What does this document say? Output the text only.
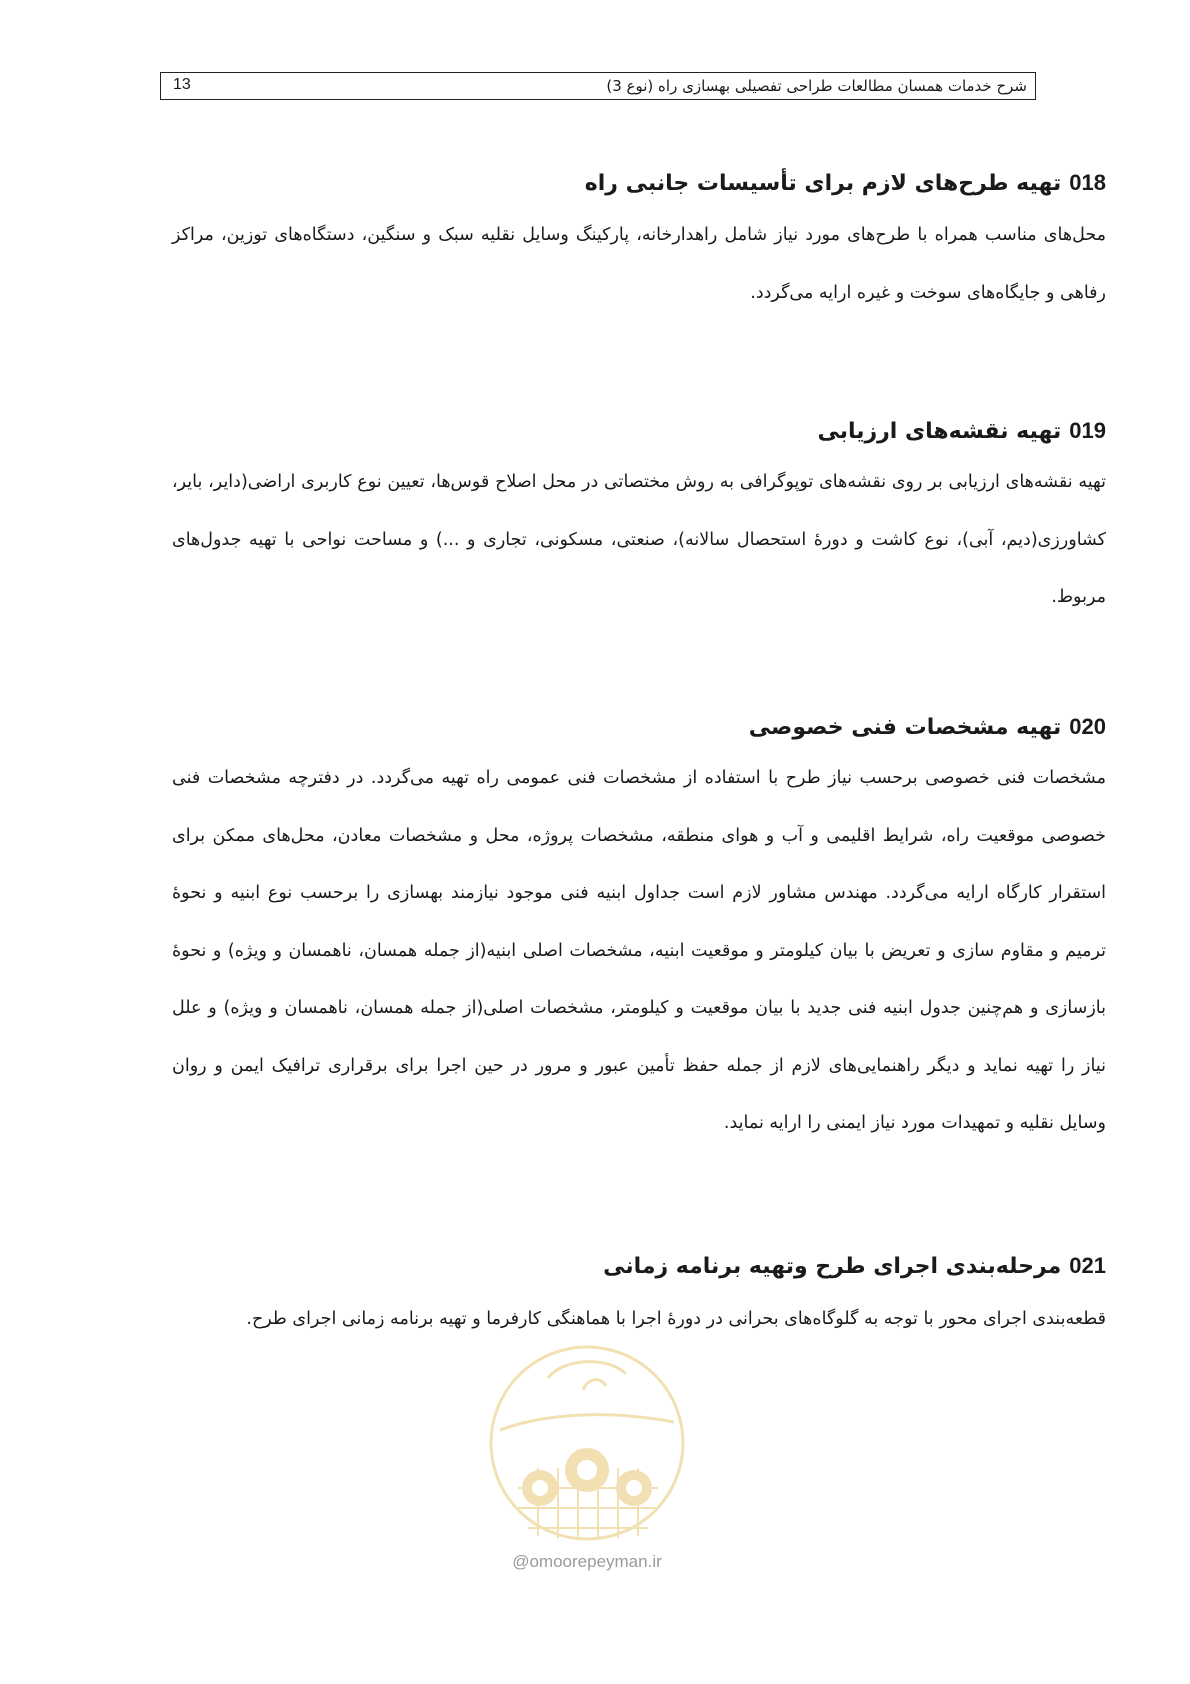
شرح خدمات همسان مطالعات طراحی تفصیلی بهسازی راه (نوع 3)
13
018تهیه طرح‌های لازم برای تأسیسات جانبی راه

محل‌های مناسب همراه با طرح‌های مورد نیاز شامل راهدارخانه، پارکینگ وسایل نقلیه سبک و سنگین، دستگاه‌های توزین، مراکز رفاهی و جایگاه‌های سوخت و غیره ارایه می‌گردد.

019تهیه نقشه‌های ارزیابی

تهیه نقشه‌های ارزیابی بر روی نقشه‌های توپوگرافی به روش مختصاتی در محل اصلاح قوس‌ها، تعیین نوع کاربری اراضی(دایر، بایر، کشاورزی(دیم، آبی)، نوع کاشت و دورهٔ استحصال سالانه)، صنعتی، مسکونی، تجاری و ...) و مساحت نواحی با تهیه جدول‌های مربوط.

020تهیه مشخصات فنی خصوصی

مشخصات فنی خصوصی برحسب نیاز طرح با استفاده از مشخصات فنی عمومی راه تهیه می‌گردد. در دفترچه مشخصات فنی خصوصی موقعیت راه، شرایط اقلیمی و آب و هوای منطقه، مشخصات پروژه، محل و مشخصات معادن، محل‌های ممکن برای استقرار کارگاه ارایه می‌گردد. مهندس مشاور لازم است جداول ابنیه فنی موجود نیازمند بهسازی را برحسب نوع ابنیه و نحوهٔ ترمیم و مقاوم سازی و تعریض با بیان کیلومتر و موقعیت ابنیه، مشخصات اصلی ابنیه(از جمله همسان، ناهمسان و ویژه) و نحوهٔ بازسازی و هم‌چنین جدول ابنیه فنی جدید با بیان موقعیت و کیلومتر، مشخصات اصلی(از جمله همسان، ناهمسان و ویژه) و علل نیاز را تهیه نماید و دیگر راهنمایی‌های لازم از جمله حفظ تأمین عبور و مرور در حین اجرا برای برقراری ترافیک ایمن و روان وسایل نقلیه و تمهیدات مورد نیاز ایمنی را ارایه نماید.

021مرحله‌بندی اجرای طرح وتهیه برنامه زمانی

قطعه‌بندی اجرای محور با توجه به گلوگاه‌های بحرانی در دورهٔ اجرا با هماهنگی کارفرما و تهیه برنامه زمانی اجرای طرح.

@omoorepeyman.ir
